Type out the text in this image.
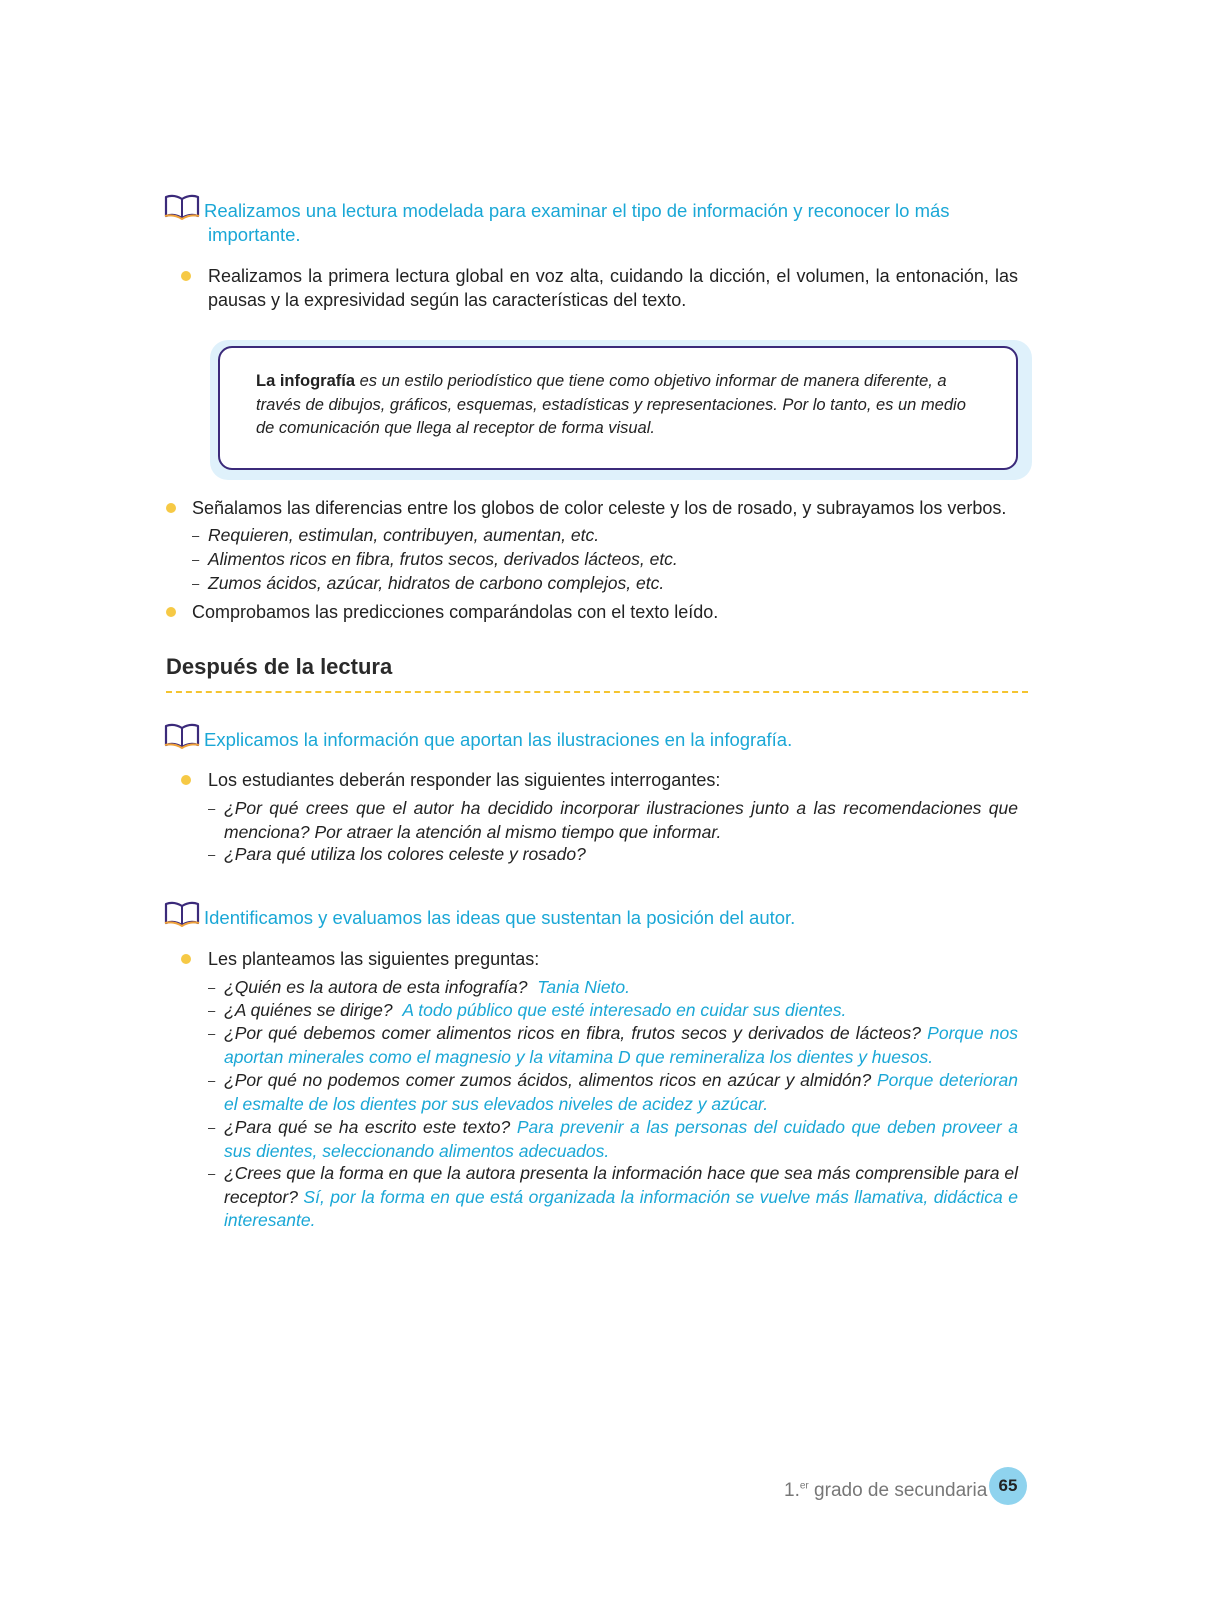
Realizamos una lectura modelada para examinar el tipo de información y reconocer lo más
importante.
Realizamos la primera lectura global en voz alta, cuidando la dicción, el volumen, la entonación, las pausas y la expresividad según las características del texto.
La infografía es un estilo periodístico que tiene como objetivo informar de manera diferente, a través de dibujos, gráficos, esquemas, estadísticas y representaciones. Por lo tanto, es un medio de comunicación que llega al receptor de forma visual.
Señalamos las diferencias entre los globos de color celeste y los de rosado, y subrayamos los verbos.
– Requieren, estimulan, contribuyen, aumentan, etc.
– Alimentos ricos en fibra, frutos secos, derivados lácteos, etc.
– Zumos ácidos, azúcar, hidratos de carbono complejos, etc.
Comprobamos las predicciones comparándolas con el texto leído.
Después de la lectura
Explicamos la información que aportan las ilustraciones en la infografía.
Los estudiantes deberán responder las siguientes interrogantes:
– ¿Por qué crees que el autor ha decidido incorporar ilustraciones junto a las recomendaciones que menciona? Por atraer la atención al mismo tiempo que informar.
– ¿Para qué utiliza los colores celeste y rosado?
Identificamos y evaluamos las ideas que sustentan la posición del autor.
Les planteamos las siguientes preguntas:
– ¿Quién es la autora de esta infografía? Tania Nieto.
– ¿A quiénes se dirige? A todo público que esté interesado en cuidar sus dientes.
– ¿Por qué debemos comer alimentos ricos en fibra, frutos secos y derivados de lácteos? Porque nos aportan minerales como el magnesio y la vitamina D que remineraliza los dientes y huesos.
– ¿Por qué no podemos comer zumos ácidos, alimentos ricos en azúcar y almidón? Porque deterioran el esmalte de los dientes por sus elevados niveles de acidez y azúcar.
– ¿Para qué se ha escrito este texto? Para prevenir a las personas del cuidado que deben proveer a sus dientes, seleccionando alimentos adecuados.
– ¿Crees que la forma en que la autora presenta la información hace que sea más comprensible para el receptor? Sí, por la forma en que está organizada la información se vuelve más llamativa, didáctica e interesante.
1.$^{er}$ grado de secundaria 65
